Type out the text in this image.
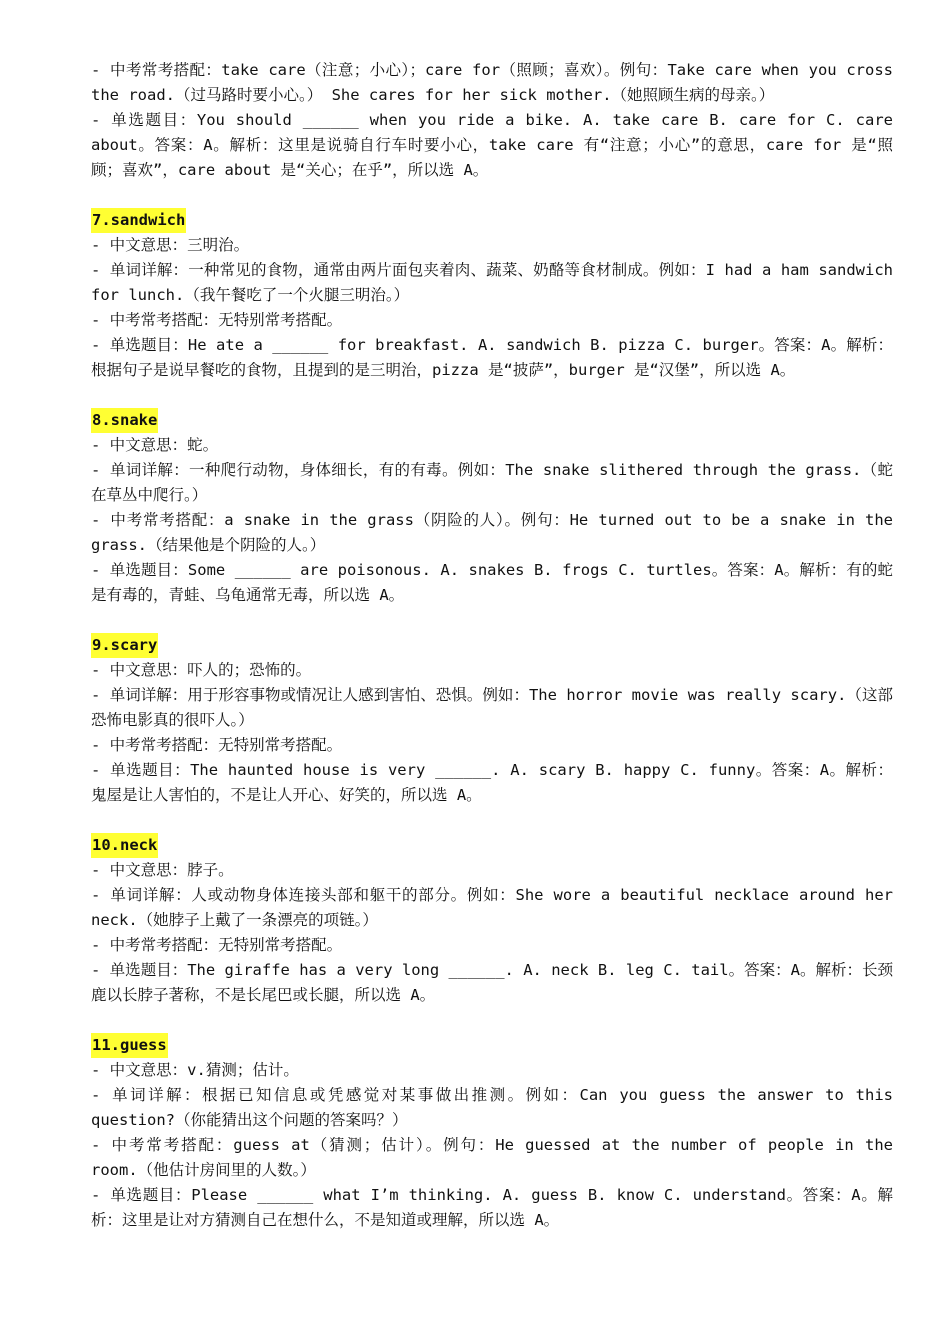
- 中考常考搭配：take care（注意；小心）；care for（照顾；喜欢）。例句：Take care when you cross the road.（过马路时要小心。） She cares for her sick mother.（她照顾生病的母亲。）

- 单选题目：You should ______ when you ride a bike. A. take care B. care for C. care about。答案：A。解析：这里是说骑自行车时要小心，take care 有“注意；小心”的意思，care for 是“照顾；喜欢”，care about 是“关心；在乎”，所以选 A。

7.sandwich

- 中文意思：三明治。

- 单词详解：一种常见的食物，通常由两片面包夹着肉、蔬菜、奶酪等食材制成。例如：I had a ham sandwich for lunch.（我午餐吃了一个火腿三明治。）

- 中考常考搭配：无特别常考搭配。

- 单选题目：He ate a ______ for breakfast. A. sandwich B. pizza C. burger。答案：A。解析：根据句子是说早餐吃的食物，且提到的是三明治，pizza 是“披萨”，burger 是“汉堡”，所以选 A。

8.snake

- 中文意思：蛇。

- 单词详解：一种爬行动物，身体细长，有的有毒。例如：The snake slithered through the grass.（蛇在草丛中爬行。）

- 中考常考搭配：a snake in the grass（阴险的人）。例句：He turned out to be a snake in the grass.（结果他是个阴险的人。）

- 单选题目：Some ______ are poisonous. A. snakes B. frogs C. turtles。答案：A。解析：有的蛇是有毒的，青蛙、乌龟通常无毒，所以选 A。

9.scary

- 中文意思：吓人的；恐怖的。

- 单词详解：用于形容事物或情况让人感到害怕、恐惧。例如：The horror movie was really scary.（这部恐怖电影真的很吓人。）

- 中考常考搭配：无特别常考搭配。

- 单选题目：The haunted house is very ______. A. scary B. happy C. funny。答案：A。解析：鬼屋是让人害怕的，不是让人开心、好笑的，所以选 A。

10.neck

- 中文意思：脖子。

- 单词详解：人或动物身体连接头部和躯干的部分。例如：She wore a beautiful necklace around her neck.（她脖子上戴了一条漂亮的项链。）

- 中考常考搭配：无特别常考搭配。

- 单选题目：The giraffe has a very long ______. A. neck B. leg C. tail。答案：A。解析：长颈鹿以长脖子著称，不是长尾巴或长腿，所以选 A。

11.guess

- 中文意思：v.猜测；估计。

- 单词详解：根据已知信息或凭感觉对某事做出推测。例如：Can you guess the answer to this question?（你能猜出这个问题的答案吗？）

- 中考常考搭配：guess at（猜测；估计）。例句：He guessed at the number of people in the room.（他估计房间里的人数。）

- 单选题目：Please ______ what I’m thinking. A. guess B. know C. understand。答案：A。解析：这里是让对方猜测自己在想什么，不是知道或理解，所以选 A。
